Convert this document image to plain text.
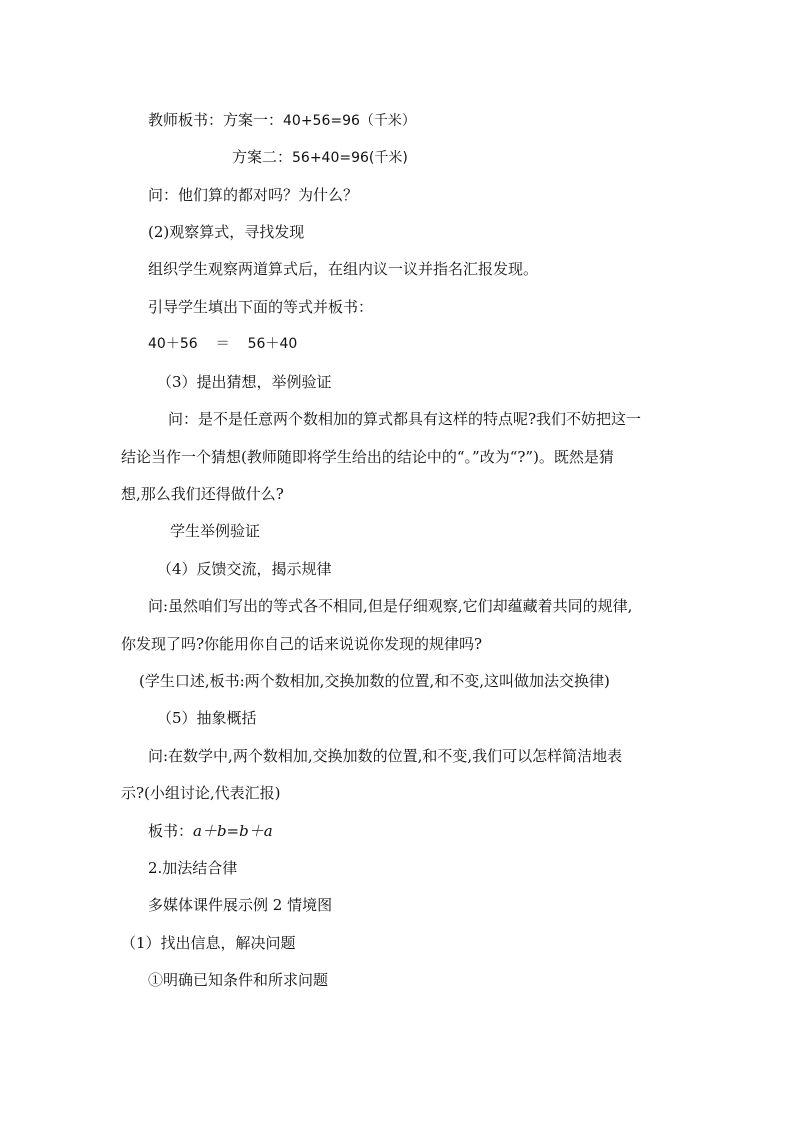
教师板书：方案一：40+56=96（千米）
方案二：56+40=96(千米)
问：他们算的都对吗？为什么？
(2)观察算式，寻找发现
组织学生观察两道算式后，在组内议一议并指名汇报发现。
引导学生填出下面的等式并板书：
40＋56 ＝ 56＋40
（3）提出猜想，举例验证
问：是不是任意两个数相加的算式都具有这样的特点呢?我们不妨把这一
结论当作一个猜想(教师随即将学生给出的结论中的“。”改为“?”)。既然是猜
想,那么我们还得做什么?
学生举例验证
（4）反馈交流，揭示规律
问:虽然咱们写出的等式各不相同,但是仔细观察,它们却蕴藏着共同的规律,
你发现了吗?你能用你自己的话来说说你发现的规律吗?
(学生口述,板书:两个数相加,交换加数的位置,和不变,这叫做加法交换律)
（5）抽象概括
问:在数学中,两个数相加,交换加数的位置,和不变,我们可以怎样简洁地表
示?(小组讨论,代表汇报)
板书：a＋b=b＋a
2.加法结合律
多媒体课件展示例 2 情境图
（1）找出信息，解决问题
①明确已知条件和所求问题
